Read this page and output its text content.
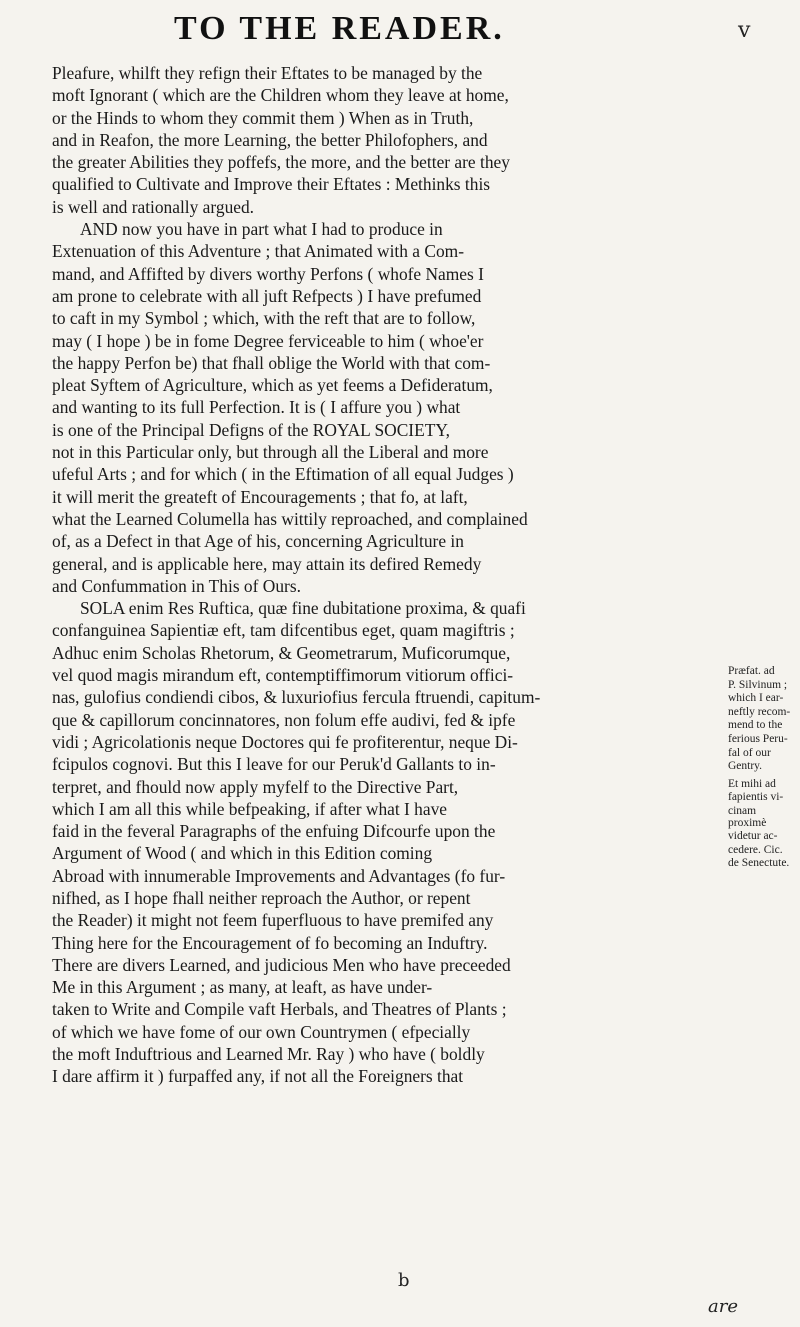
TO THE READER.	v
Pleafure, whilft they refign their Eftates to be managed by the
moft Ignorant ( which are the Children whom they leave at home,
or the Hinds to whom they commit them ) When as in Truth,
and in Reafon, the more Learning, the better Philofophers, and
the greater Abilities they poffefs, the more, and the better are they
qualified to Cultivate and Improve their Eftates : Methinks this
is well and rationally argued.
AND now you have in part what I had to produce in
Extenuation of this Adventure ; that Animated with a Com-
mand, and Affifted by divers worthy Perfons ( whofe Names I
am prone to celebrate with all juft Refpects ) I have prefumed
to caft in my Symbol ; which, with the reft that are to follow,
may ( I hope ) be in fome Degree ferviceable to him ( whoe'er
the happy Perfon be) that fhall oblige the World with that com-
pleat Syftem of Agriculture, which as yet feems a Defideratum,
and wanting to its full Perfection. It is ( I affure you ) what
is one of the Principal Defigns of the ROYAL SOCIETY,
not in this Particular only, but through all the Liberal and more
ufeful Arts ; and for which ( in the Eftimation of all equal Judges )
it will merit the greateft of Encouragements ; that fo, at laft,
what the Learned Columella has wittily reproached, and complained
of, as a Defect in that Age of his, concerning Agriculture in
general, and is applicable here, may attain its defired Remedy
and Confummation in This of Ours.
SOLA enim Res Ruftica, quæ fine dubitatione proxima, & quafi
confanguinea Sapientiæ eft, tam difcentibus eget, quam magiftris ;
Adhuc enim Scholas Rhetorum, & Geometrarum, Muficorumque,
vel quod magis mirandum eft, contemptiffimorum vitiorum offici-
nas, gulofius condiendi cibos, & luxuriofius fercula ftruendi, capitum-
que & capillorum concinnatores, non folum effe audivi, fed & ipfe
vidi ; Agricolationis neque Doctores qui fe profiterentur, neque Di-
fcipulos cognovi. But this I leave for our Peruk'd Gallants to in-
terpret, and fhould now apply myfelf to the Directive Part,
which I am all this while befpeaking, if after what I have
faid in the feveral Paragraphs of the enfuing Difcourfe upon the
Argument of Wood ( and which in this Edition coming
Abroad with innumerable Improvements and Advantages (fo fur-
nifhed, as I hope fhall neither reproach the Author, or repent
the Reader) it might not feem fuperfluous to have premifed any
Thing here for the Encouragement of fo becoming an Induftry.
There are divers Learned, and judicious Men who have preceeded
Me in this Argument ; as many, at leaft, as have under-
taken to Write and Compile vaft Herbals, and Theatres of Plants ;
of which we have fome of our own Countrymen ( efpecially
the moft Induftrious and Learned Mr. Ray ) who have ( boldly
I dare affirm it ) furpaffed any, if not all the Foreigners that
Præfat. ad
P. Silvinum ;
which I ear-
neftly recom-
mend to the
ferious Peru-
fal of our
Gentry.
Et mihi ad
fapientis vi-
cinam proximè
videtur ac-
cedere. Cic.
de Senectute.
b
are
